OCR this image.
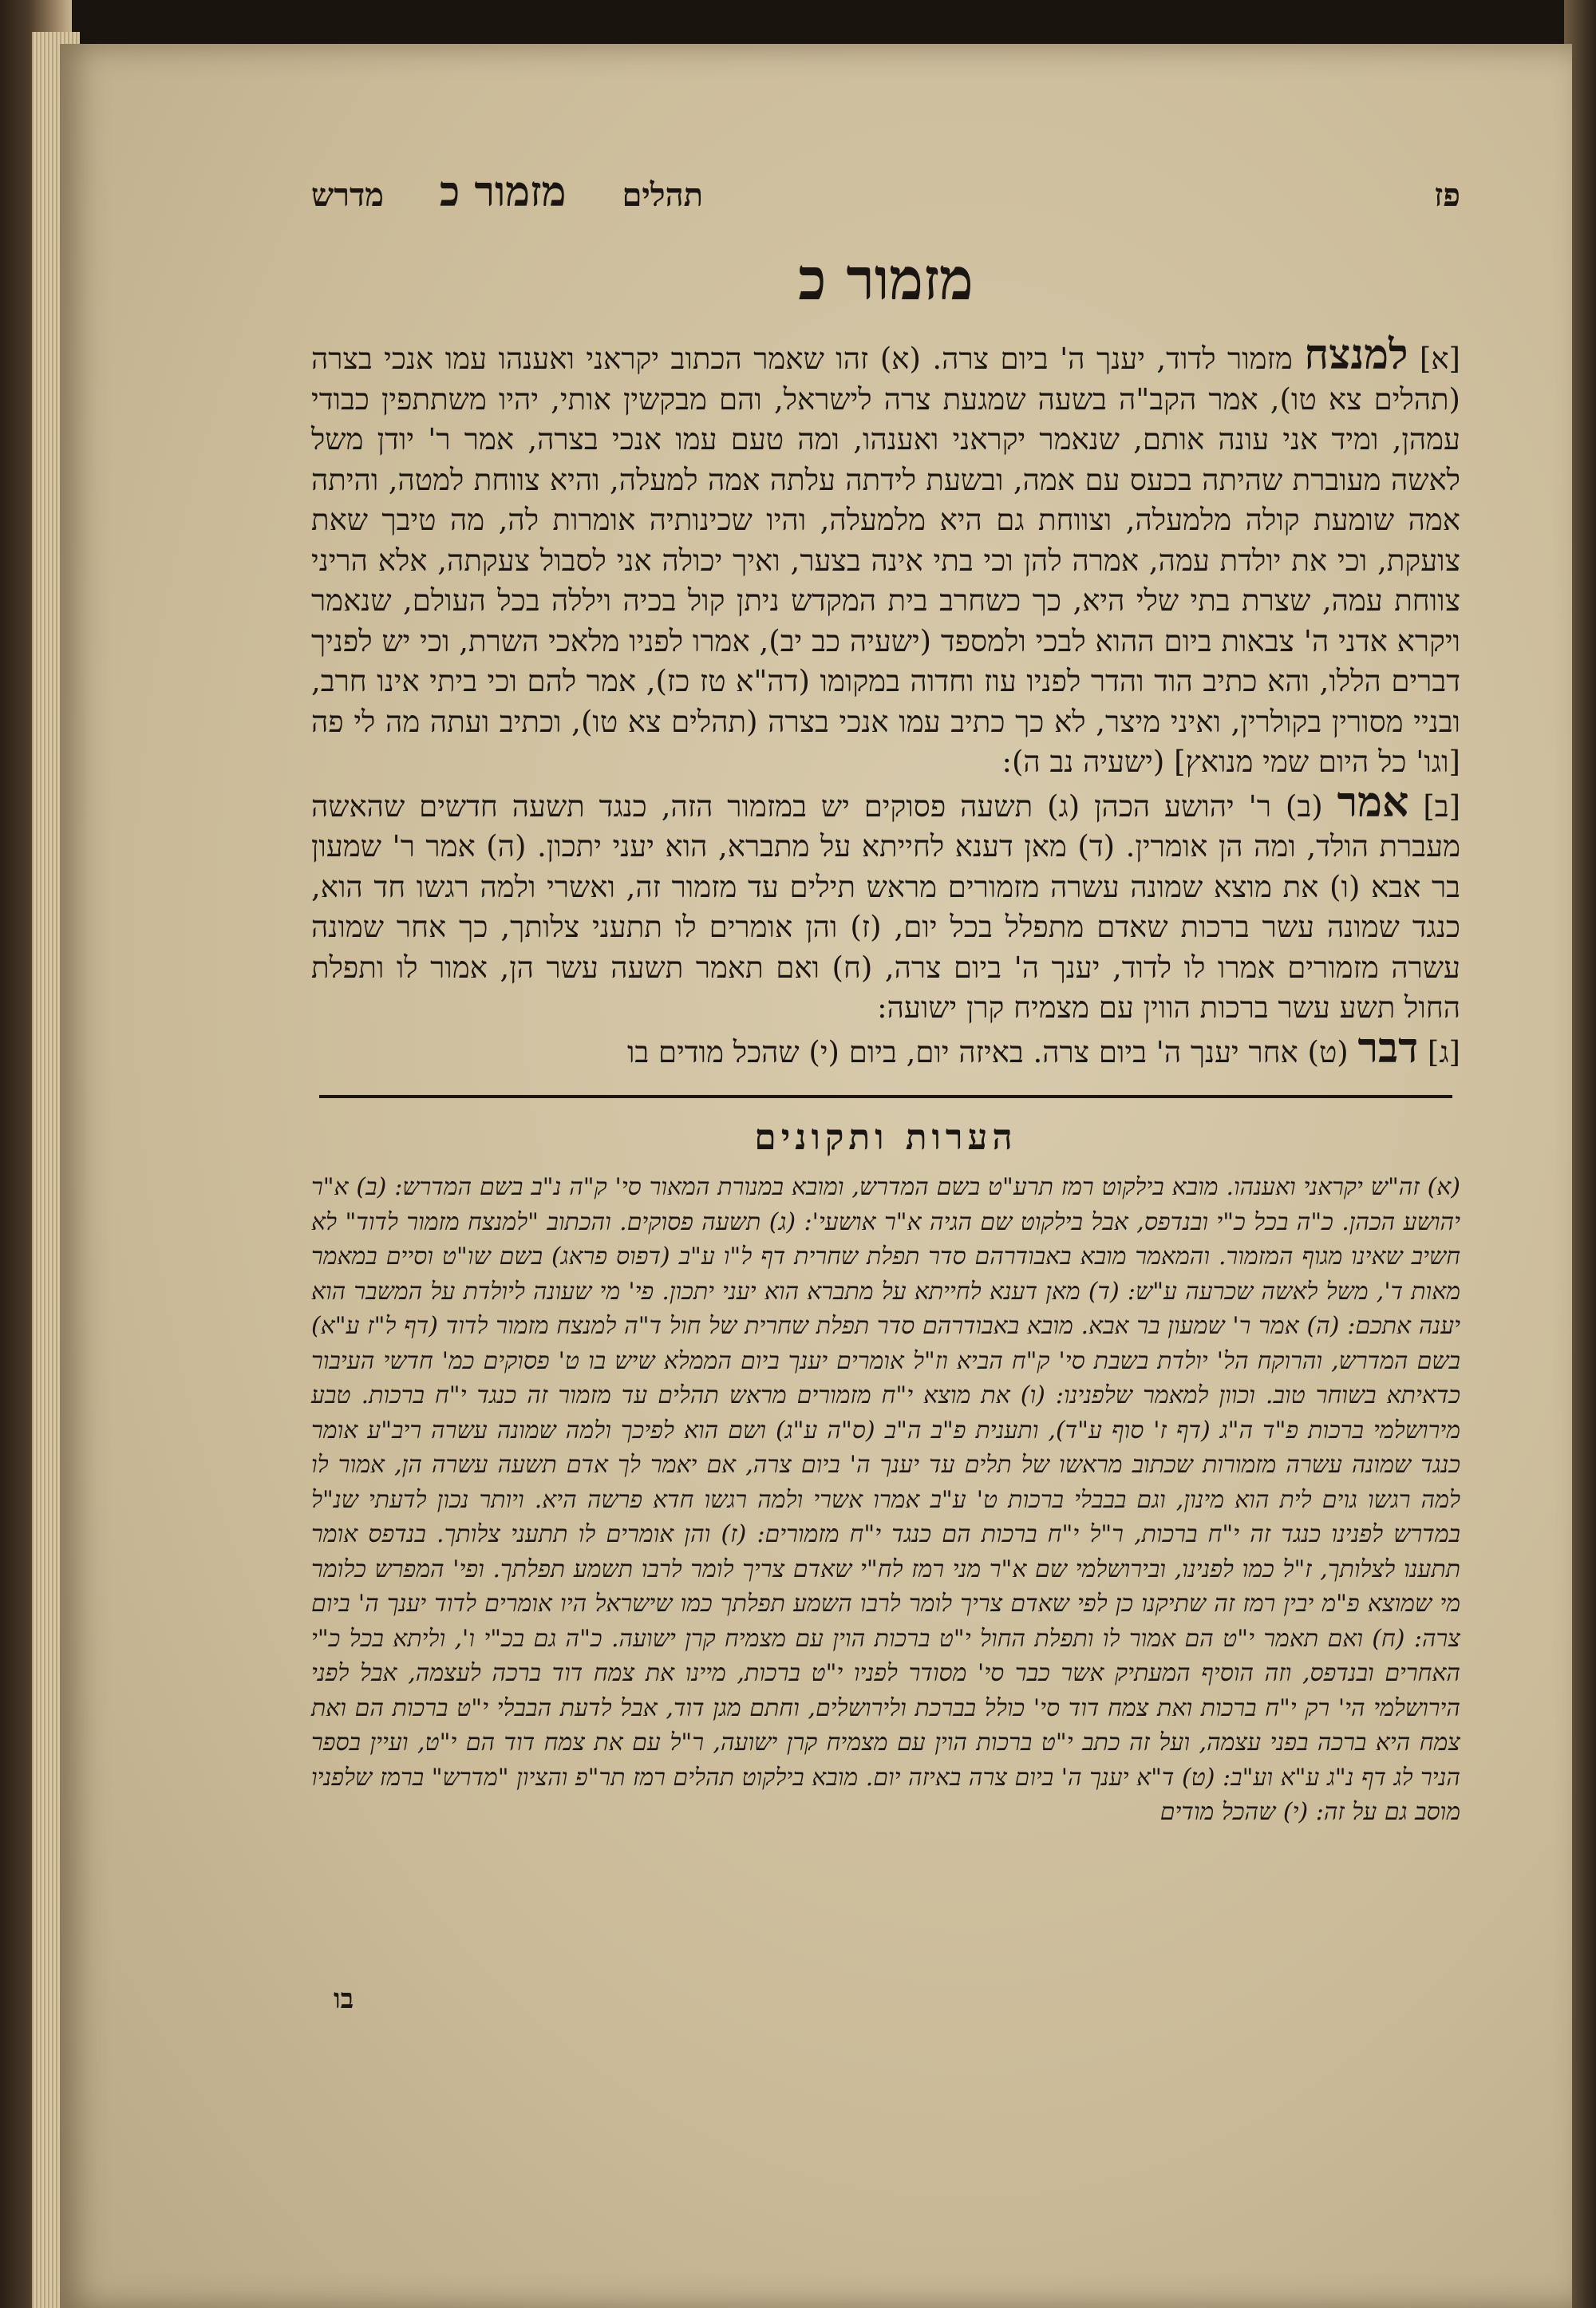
פז
תהלים
מזמור כ
מדרש
מזמור כ

[א] למנצח מזמור לדוד, יענך ה' ביום צרה. (א) זהו שאמר הכתוב יקראני ואענהו עמו אנכי בצרה (תהלים צא טו), אמר הקב"ה בשעה שמגעת צרה לישראל, והם מבקשין אותי, יהיו משתתפין כבודי עמהן, ומיד אני עונה אותם, שנאמר יקראני ואענהו, ומה טעם עמו אנכי בצרה, אמר ר' יודן משל לאשה מעוברת שהיתה בכעס עם אמה, ובשעת לידתה עלתה אמה למעלה, והיא צווחת למטה, והיתה אמה שומעת קולה מלמעלה, וצווחת גם היא מלמעלה, והיו שכינותיה אומרות לה, מה טיבך שאת צועקת, וכי את יולדת עמה, אמרה להן וכי בתי אינה בצער, ואיך יכולה אני לסבול צעקתה, אלא הריני צווחת עמה, שצרת בתי שלי היא, כך כשחרב בית המקדש ניתן קול בכיה ויללה בכל העולם, שנאמר ויקרא אדני ה' צבאות ביום ההוא לבכי ולמספד (ישעיה כב יב), אמרו לפניו מלאכי השרת, וכי יש לפניך דברים הללו, והא כתיב הוד והדר לפניו עוז וחדוה במקומו (דה"א טז כז), אמר להם וכי ביתי אינו חרב, ובניי מסורין בקולרין, ואיני מיצר, לא כך כתיב עמו אנכי בצרה (תהלים צא טו), וכתיב ועתה מה לי פה [וגו' כל היום שמי מנואץ] (ישעיה נב ה):

[ב] אמר (ב) ר' יהושע הכהן (ג) תשעה פסוקים יש במזמור הזה, כנגד תשעה חדשים שהאשה מעברת הולד, ומה הן אומרין. (ד) מאן דענא לחייתא על מתברא, הוא יעני יתכון. (ה) אמר ר' שמעון בר אבא (ו) את מוצא שמונה עשרה מזמורים מראש תילים עד מזמור זה, ואשרי ולמה רגשו חד הוא, כנגד שמונה עשר ברכות שאדם מתפלל בכל יום, (ז) והן אומרים לו תתעני צלותך, כך אחר שמונה עשרה מזמורים אמרו לו לדוד, יענך ה' ביום צרה, (ח) ואם תאמר תשעה עשר הן, אמור לו ותפלת החול תשע עשר ברכות הווין עם מצמיח קרן ישועה:

[ג] דבר (ט) אחר יענך ה' ביום צרה. באיזה יום, ביום (י) שהכל מודים בו

הערות ותקונים
(א) זה"ש יקראני ואענהו. מובא בילקוט רמז תרע"ט בשם המדרש, ומובא במנורת המאור סי' ק"ה נ"ב בשם המדרש: (ב) א"ר יהושע הכהן. כ"ה בכל כ"י ובנדפס, אבל בילקוט שם הגיה א"ר אושעי': (ג) תשעה פסוקים. והכתוב "למנצח מזמור לדוד" לא חשיב שאינו מגוף המזמור. והמאמר מובא באבודרהם סדר תפלת שחרית דף ל"ו ע"ב (דפוס פראג) בשם שו"ט וסיים במאמר מאות ד', משל לאשה שכרעה ע"ש: (ד) מאן דענא לחייתא על מתברא הוא יעני יתכון. פי' מי שעונה ליולדת על המשבר הוא יענה אתכם: (ה) אמר ר' שמעון בר אבא. מובא באבודרהם סדר תפלת שחרית של חול ד"ה למנצח מזמור לדוד (דף ל"ז ע"א) בשם המדרש, והרוקח הל' יולדת בשבת סי' ק"ח הביא וז"ל אומרים יענך ביום הממלא שיש בו ט' פסוקים כמ' חדשי העיבור כדאיתא בשוחר טוב. וכוון למאמר שלפנינו: (ו) את מוצא י"ח מזמורים מראש תהלים עד מזמור זה כנגד י"ח ברכות. טבע מירושלמי ברכות פ"ד ה"ג (דף ז' סוף ע"ד), ותענית פ"ב ה"ב (ס"ה ע"ג) ושם הוא לפיכך ולמה שמונה עשרה ריב"ע אומר כנגד שמונה עשרה מזמורות שכתוב מראשו של תלים עד יענך ה' ביום צרה, אם יאמר לך אדם תשעה עשרה הן, אמור לו למה רגשו גוים לית הוא מינון, וגם בבבלי ברכות ט' ע"ב אמרו אשרי ולמה רגשו חדא פרשה היא. ויותר נכון לדעתי שנ"ל במדרש לפנינו כנגד זה י"ח ברכות, ר"ל י"ח ברכות הם כנגד י"ח מזמורים: (ז) והן אומרים לו תתעני צלותך. בנדפס אומר תתענו לצלותך, ז"ל כמו לפנינו, ובירושלמי שם א"ר מני רמז לח"י שאדם צריך לומר לרבו תשמע תפלתך. ופי' המפרש כלומר מי שמוצא פ"מ יבין רמז זה שתיקנו כן לפי שאדם צריך לומר לרבו השמע תפלתך כמו שישראל היו אומרים לדוד יענך ה' ביום צרה: (ח) ואם תאמר י"ט הם אמור לו ותפלת החול י"ט ברכות הוין עם מצמיח קרן ישועה. כ"ה גם בכ"י ו', וליתא בכל כ"י האחרים ובנדפס, וזה הוסיף המעתיק אשר כבר סי' מסודר לפניו י"ט ברכות, מיינו את צמח דוד ברכה לעצמה, אבל לפני הירושלמי הי' רק י"ח ברכות ואת צמח דוד סי' כולל בברכת ולירושלים, וחתם מגן דוד, אבל לדעת הבבלי י"ט ברכות הם ואת צמח היא ברכה בפני עצמה, ועל זה כתב י"ט ברכות הוין עם מצמיח קרן ישועה, ר"ל עם את צמח דוד הם י"ט, ועיין בספר הניר לג דף נ"ג ע"א וע"ב: (ט) ד"א יענך ה' ביום צרה באיזה יום. מובא בילקוט תהלים רמז תר"פ והציון "מדרש" ברמז שלפניו מוסב גם על זה: (י) שהכל מודים
בו
